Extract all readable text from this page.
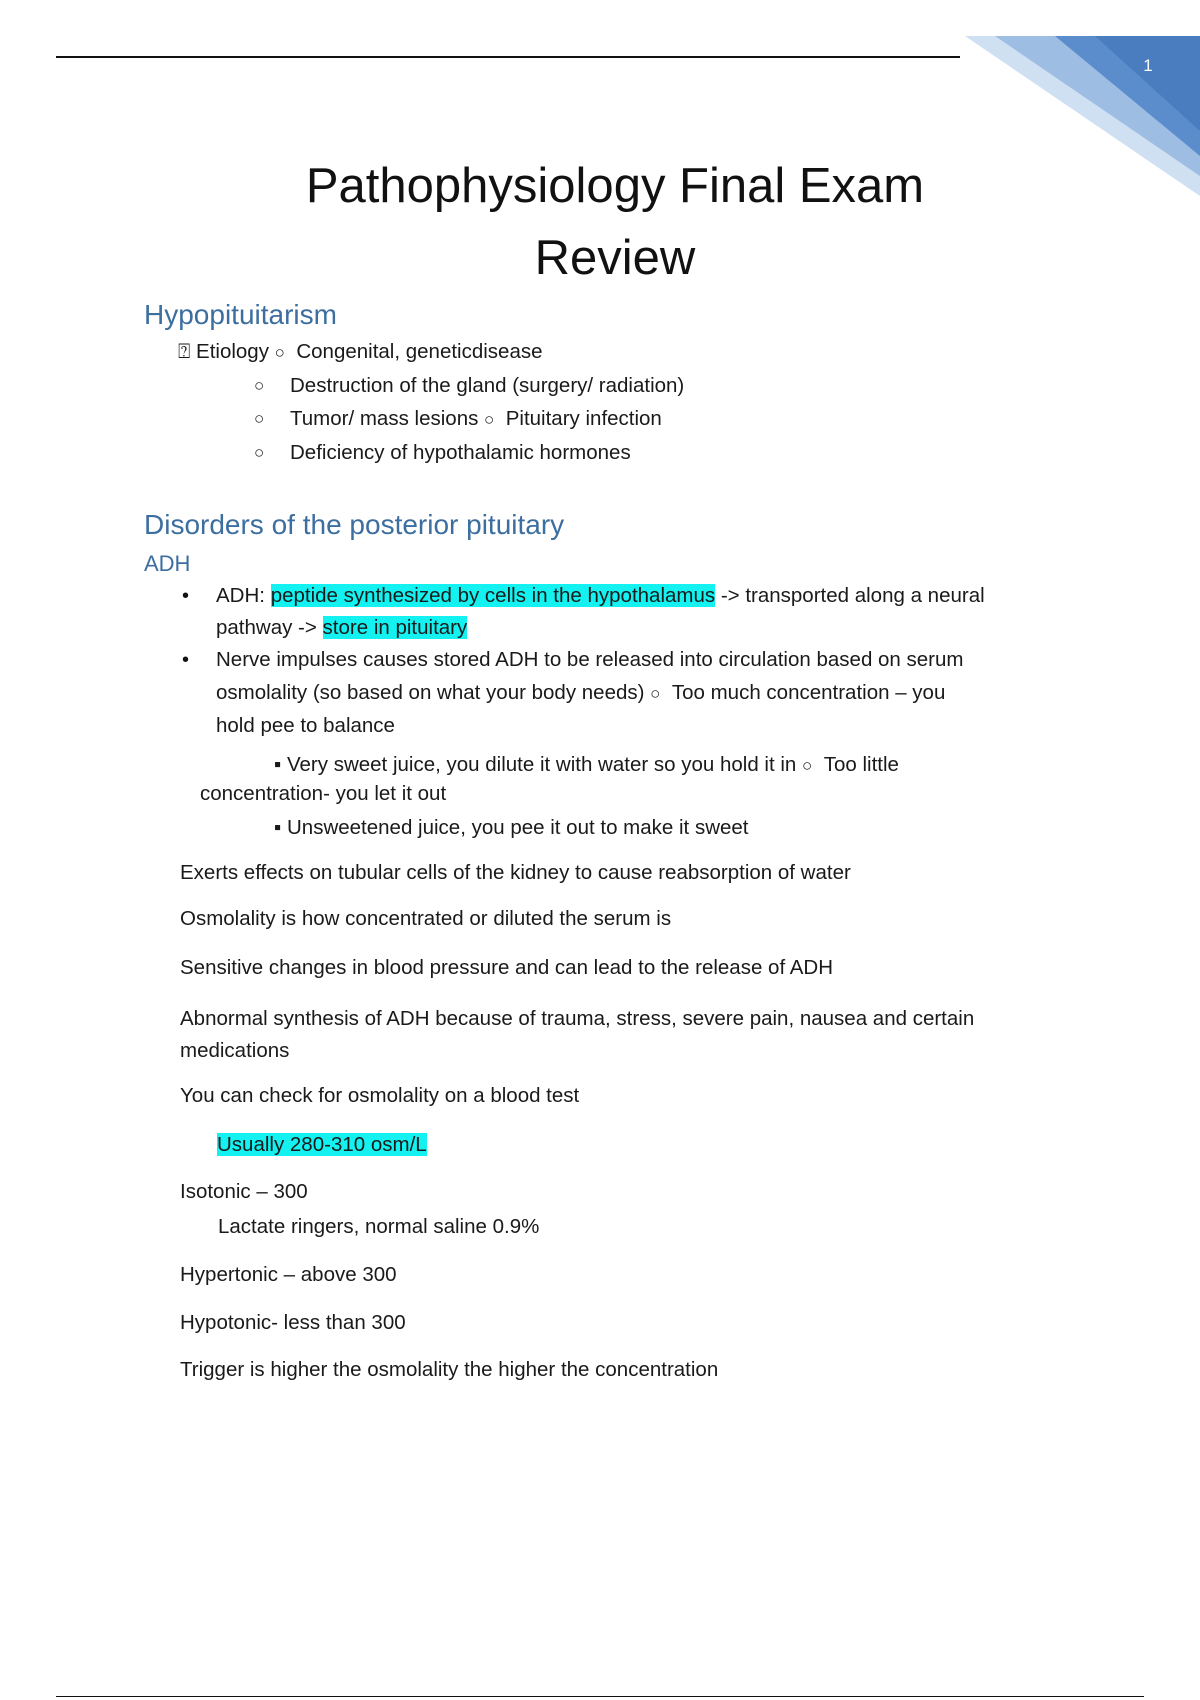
1
Pathophysiology Final Exam
Review
Hypopituitarism
⍰ Etiology ○ Congenital, geneticdisease
○ Destruction of the gland (surgery/ radiation)
○ Tumor/ mass lesions ○ Pituitary infection
○ Deficiency of hypothalamic hormones
Disorders of the posterior pituitary
ADH
• ADH: peptide synthesized by cells in the hypothalamus -> transported along a neural
pathway -> store in pituitary
• Nerve impulses causes stored ADH to be released into circulation based on serum
osmolality (so based on what your body needs) ○ Too much concentration – you
hold pee to balance
▪ Very sweet juice, you dilute it with water so you hold it in ○ Too little
concentration- you let it out
▪ Unsweetened juice, you pee it out to make it sweet
Exerts effects on tubular cells of the kidney to cause reabsorption of water
Osmolality is how concentrated or diluted the serum is
Sensitive changes in blood pressure and can lead to the release of ADH
Abnormal synthesis of ADH because of trauma, stress, severe pain, nausea and certain medications
You can check for osmolality on a blood test
Usually 280-310 osm/L
Isotonic – 300
Lactate ringers, normal saline 0.9%
Hypertonic – above 300
Hypotonic- less than 300
Trigger is higher the osmolality the higher the concentration
